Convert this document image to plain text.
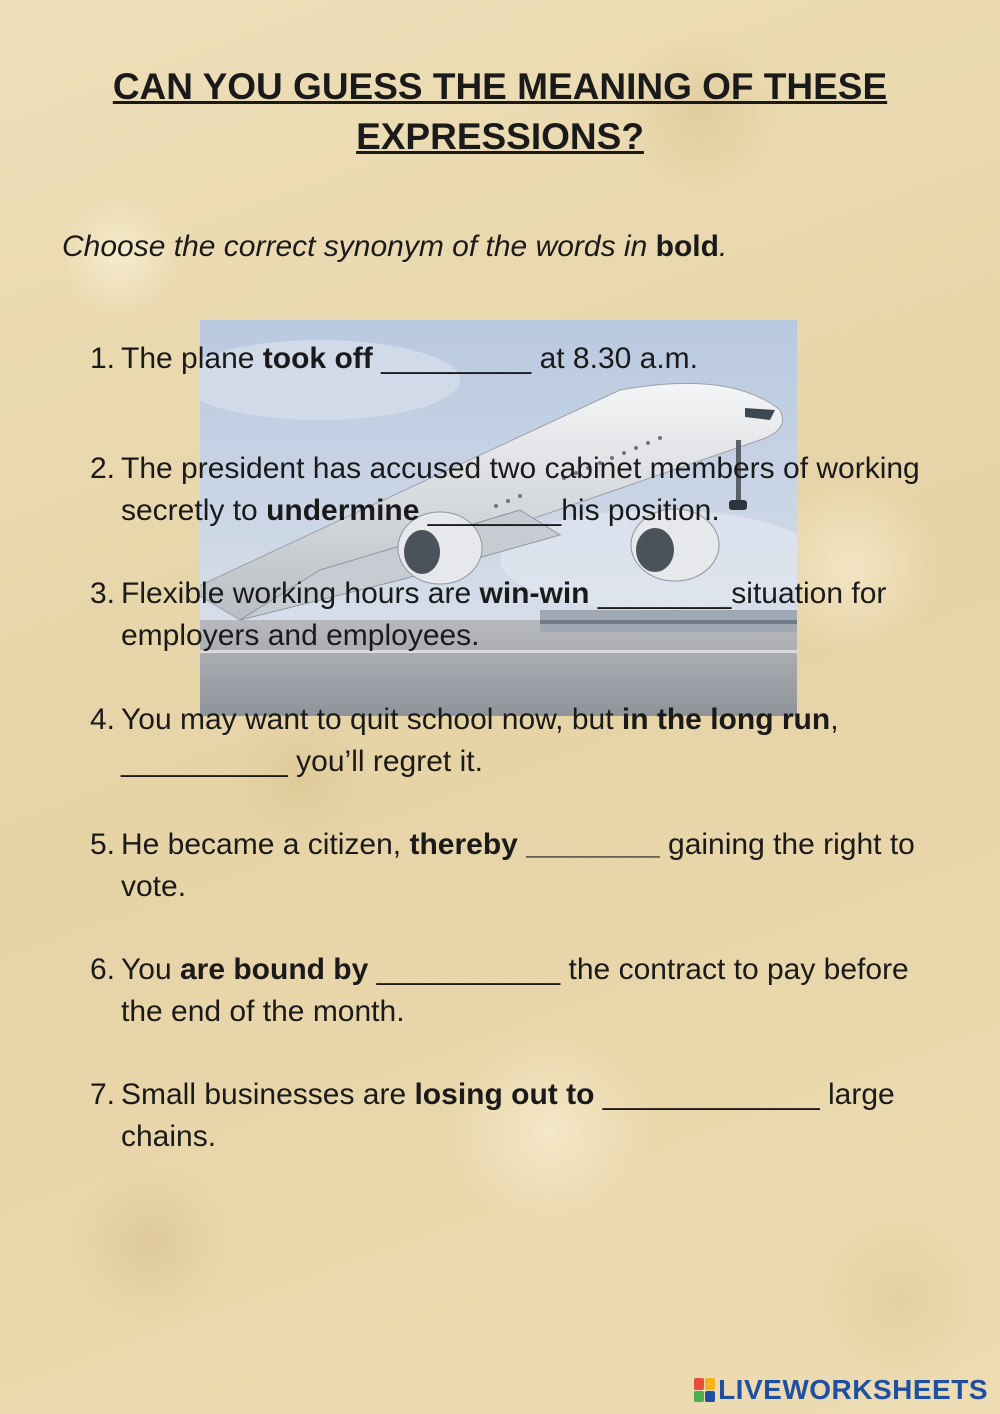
CAN YOU GUESS THE MEANING OF THESE EXPRESSIONS?

Choose the correct synonym of the words in bold.

1. The plane took off _________ at 8.30 a.m.

2. The president has accused two cabinet members of working secretly to undermine ________his position.

3. Flexible working hours are win-win ________situation for employers and employees.

4. You may want to quit school now, but in the long run, __________ you’ll regret it.

5. He became a citizen, thereby ________ gaining the right to vote.

6. You are bound by ___________ the contract to pay before the end of the month.

7. Small businesses are losing out to _____________ large chains.

LIVEWORKSHEETS
